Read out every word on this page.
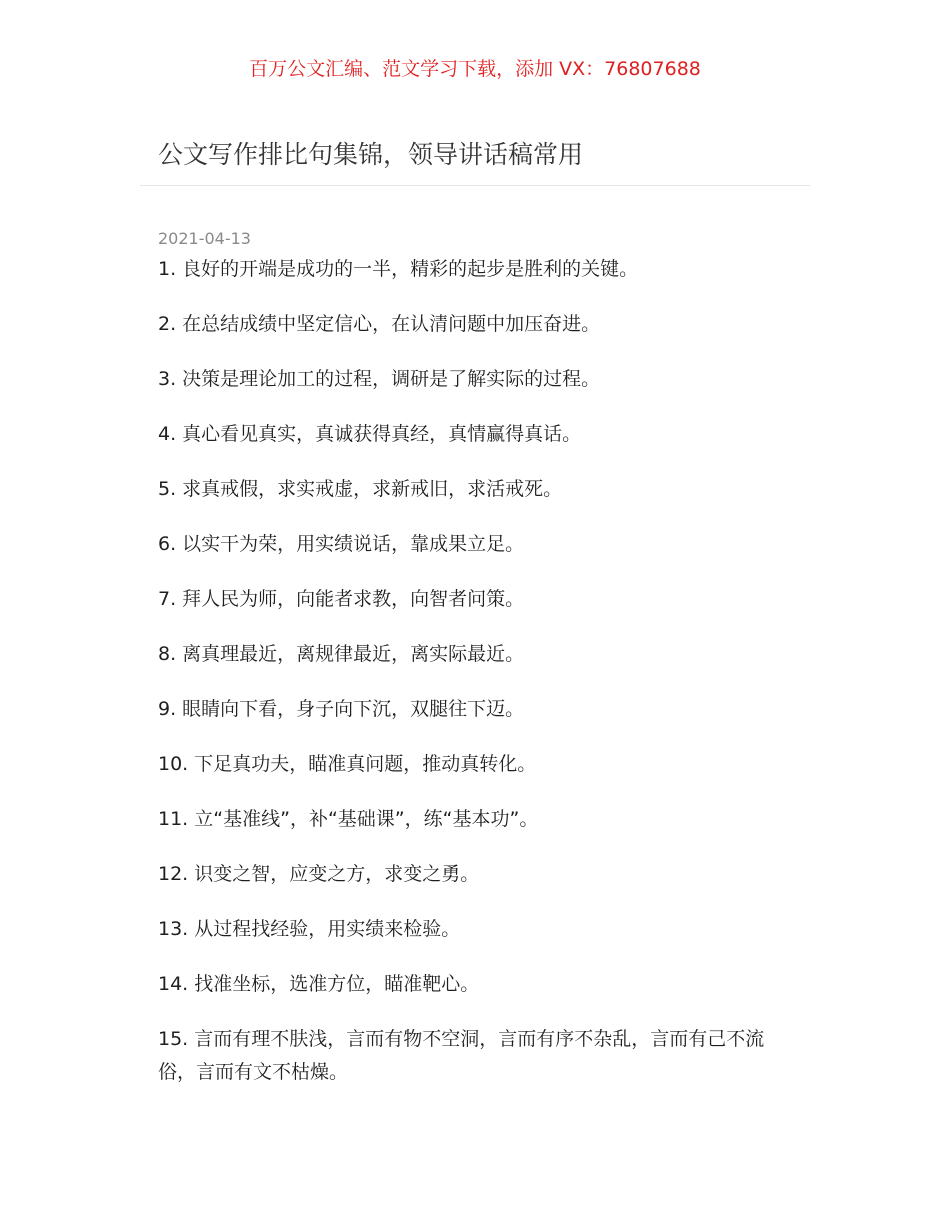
百万公文汇编、范文学习下载，添加 VX：76807688
公文写作排比句集锦，领导讲话稿常用
2021-04-13
1. 良好的开端是成功的一半，精彩的起步是胜利的关键。
2. 在总结成绩中坚定信心，在认清问题中加压奋进。
3. 决策是理论加工的过程，调研是了解实际的过程。
4. 真心看见真实，真诚获得真经，真情赢得真话。
5. 求真戒假，求实戒虚，求新戒旧，求活戒死。
6. 以实干为荣，用实绩说话，靠成果立足。
7. 拜人民为师，向能者求教，向智者问策。
8. 离真理最近，离规律最近，离实际最近。
9. 眼睛向下看，身子向下沉，双腿往下迈。
10. 下足真功夫，瞄准真问题，推动真转化。
11. 立“基准线”，补“基础课”，练“基本功”。
12. 识变之智，应变之方，求变之勇。
13. 从过程找经验，用实绩来检验。
14. 找准坐标，选准方位，瞄准靶心。
15. 言而有理不肤浅，言而有物不空洞，言而有序不杂乱，言而有己不流俗，言而有文不枯燥。
